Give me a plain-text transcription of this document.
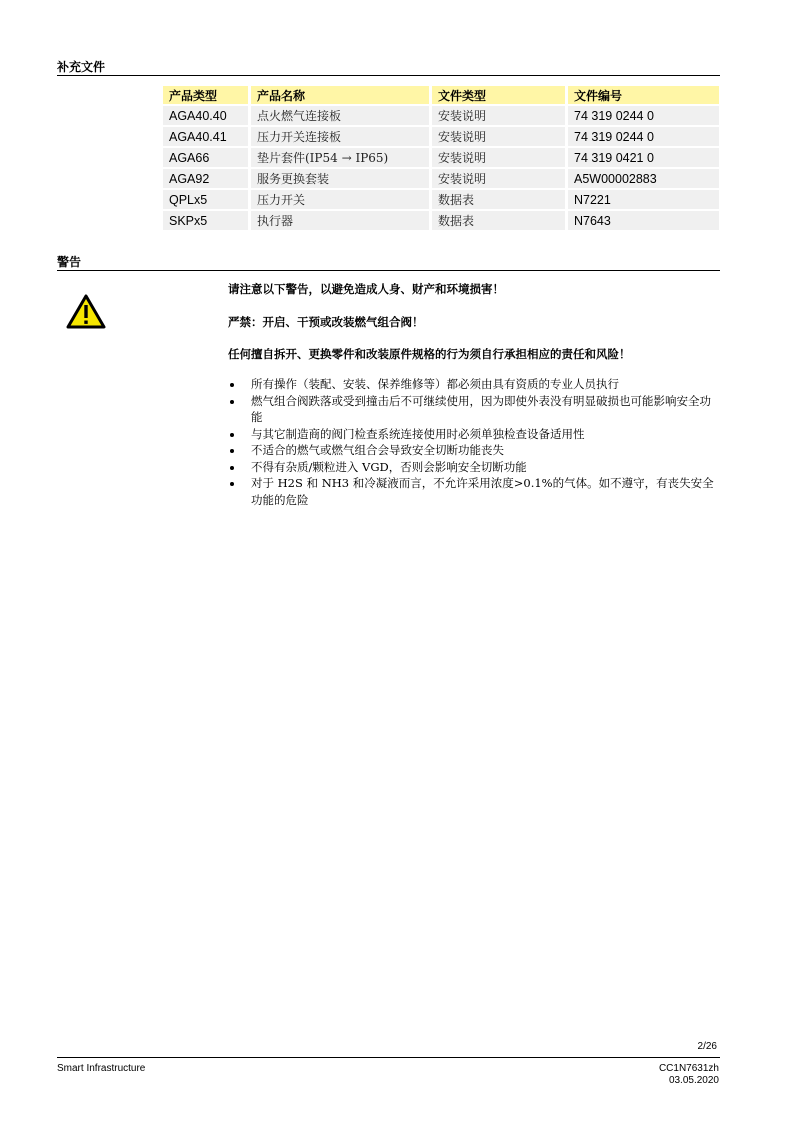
补充文件
产品类型	产品名称	文件类型	文件编号
AGA40.40	点火燃气连接板	安装说明	74 319 0244 0
AGA40.41	压力开关连接板	安装说明	74 319 0244 0
AGA66	垫片套件(IP54 → IP65)	安装说明	74 319 0421 0
AGA92	服务更换套装	安装说明	A5W00002883
QPLx5	压力开关	数据表	N7221
SKPx5	执行器	数据表	N7643
警告
请注意以下警告，以避免造成人身、财产和环境损害！
严禁：开启、干预或改装燃气组合阀！
任何擅自拆开、更换零件和改装原件规格的行为须自行承担相应的责任和风险！
所有操作（装配、安装、保养维修等）都必须由具有资质的专业人员执行
燃气组合阀跌落或受到撞击后不可继续使用，因为即使外表没有明显破损也可能影响安全功能
与其它制造商的阀门检查系统连接使用时必须单独检查设备适用性
不适合的燃气或燃气组合会导致安全切断功能丧失
不得有杂质/颗粒进入 VGD，否则会影响安全切断功能
对于 H2S 和 NH3 和冷凝液而言，不允许采用浓度>0.1%的气体。如不遵守，有丧失安全功能的危险
2/26
Smart Infrastructure	CC1N7631zh
03.05.2020
